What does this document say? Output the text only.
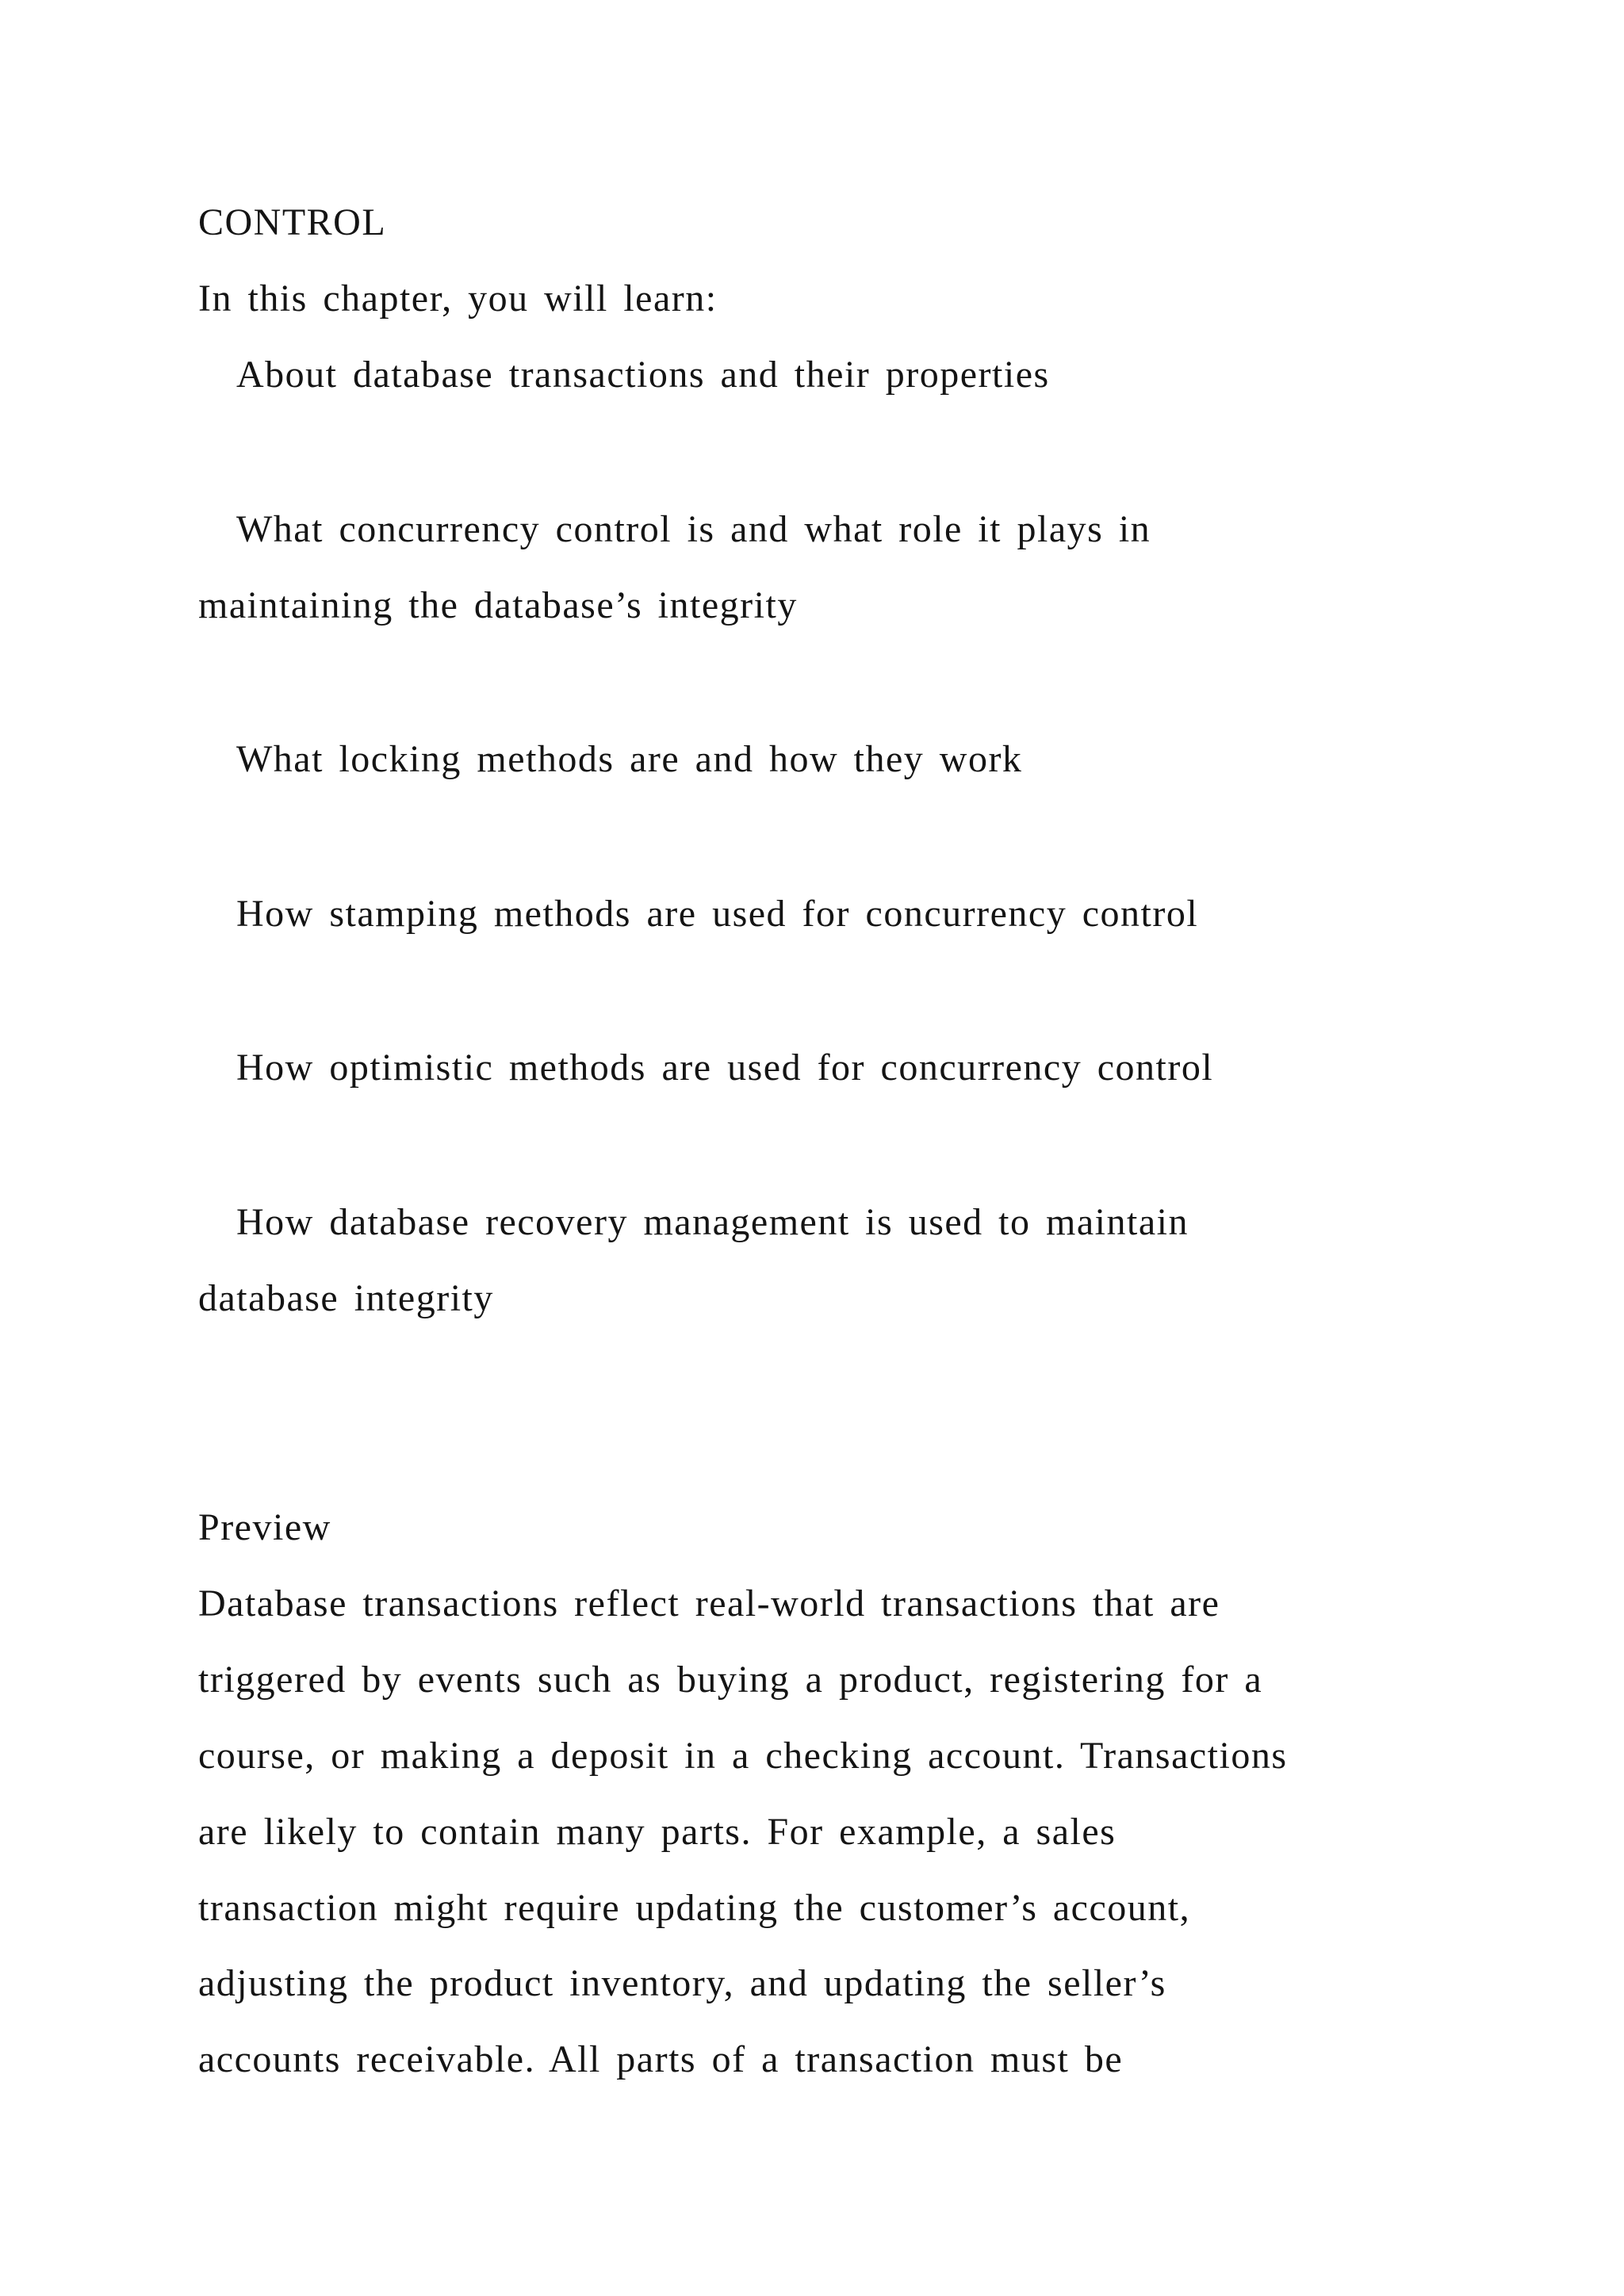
CONTROL
In this chapter, you will learn:
About database transactions and their properties
What concurrency control is and what role it plays in
maintaining the database’s integrity
What locking methods are and how they work
How stamping methods are used for concurrency control
How optimistic methods are used for concurrency control
How database recovery management is used to maintain
database integrity
Preview
Database transactions reflect real-world transactions that are
triggered by events such as buying a product, registering for a
course, or making a deposit in a checking account. Transactions
are likely to contain many parts. For example, a sales
transaction might require updating the customer’s account,
adjusting the product inventory, and updating the seller’s
accounts receivable. All parts of a transaction must be
